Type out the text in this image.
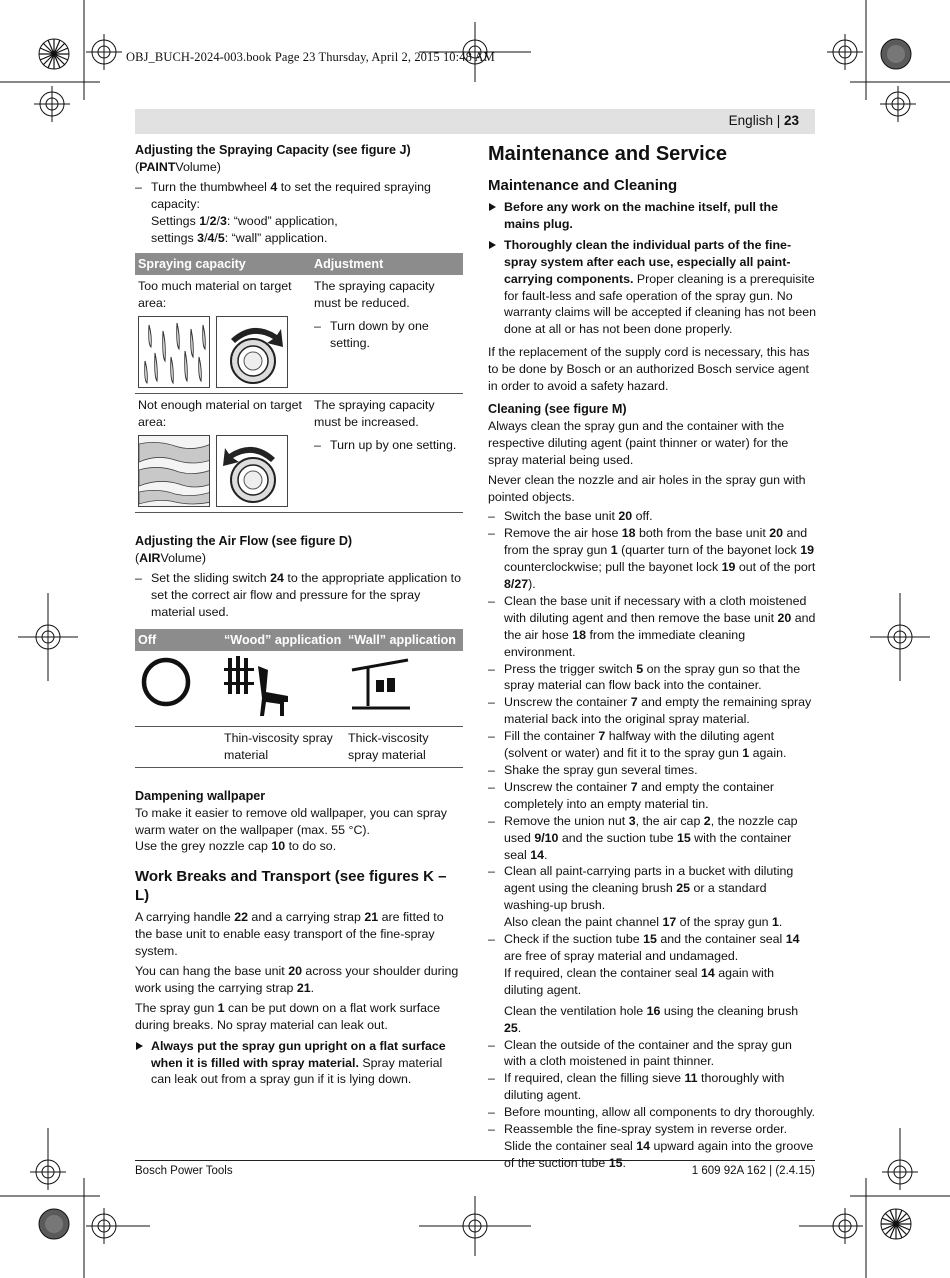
OBJ_BUCH-2024-003.book Page 23 Thursday, April 2, 2015 10:48 AM
English | 23

Adjusting the Spraying Capacity (see figure J)

(PAINTVolume)

– Turn the thumbwheel 4 to set the required spraying capacity:
Settings 1/2/3: “wood” application,
settings 3/4/5: “wall” application.

Spraying capacity	Adjustment

Too much material on target area:	The spraying capacity must be reduced.
– Turn down by one setting.

Not enough material on target area:	The spraying capacity must be increased.
– Turn up by one setting.

Adjusting the Air Flow (see figure D)

(AIRVolume)

– Set the sliding switch 24 to the appropriate application to set the correct air flow and pressure for the spray material used.

Off	“Wood” application	“Wall” application

	Thin-viscosity spray material	Thick-viscosity spray material

Dampening wallpaper

To make it easier to remove old wallpaper, you can spray warm water on the wallpaper (max. 55 °C).

Use the grey nozzle cap 10 to do so.

Work Breaks and Transport (see figures K – L)

A carrying handle 22 and a carrying strap 21 are fitted to the base unit to enable easy transport of the fine-spray system.

You can hang the base unit 20 across your shoulder during work using the carrying strap 21.

The spray gun 1 can be put down on a flat work surface during breaks. No spray material can leak out.

Always put the spray gun upright on a flat surface when it is filled with spray material. Spray material can leak out from a spray gun if it is lying down.

Maintenance and Service

Maintenance and Cleaning

Before any work on the machine itself, pull the mains plug.

Thoroughly clean the individual parts of the fine-spray system after each use, especially all paint-carrying components. Proper cleaning is a prerequisite for fault-less and safe operation of the spray gun. No warranty claims will be accepted if cleaning has not been done at all or has not been done properly.

If the replacement of the supply cord is necessary, this has to be done by Bosch or an authorized Bosch service agent in order to avoid a safety hazard.

Cleaning (see figure M)

Always clean the spray gun and the container with the respective diluting agent (paint thinner or water) for the spray material being used.

Never clean the nozzle and air holes in the spray gun with pointed objects.

– Switch the base unit 20 off.

– Remove the air hose 18 both from the base unit 20 and from the spray gun 1 (quarter turn of the bayonet lock 19 counterclockwise; pull the bayonet lock 19 out of the port 8/27).

– Clean the base unit if necessary with a cloth moistened with diluting agent and then remove the base unit 20 and the air hose 18 from the immediate cleaning environment.

– Press the trigger switch 5 on the spray gun so that the spray material can flow back into the container.

– Unscrew the container 7 and empty the remaining spray material back into the original spray material.

– Fill the container 7 halfway with the diluting agent (solvent or water) and fit it to the spray gun 1 again.

– Shake the spray gun several times.

– Unscrew the container 7 and empty the container completely into an empty material tin.

– Remove the union nut 3, the air cap 2, the nozzle cap used 9/10 and the suction tube 15 with the container seal 14.

– Clean all paint-carrying parts in a bucket with diluting agent using the cleaning brush 25 or a standard washing-up brush.
Also clean the paint channel 17 of the spray gun 1.

– Check if the suction tube 15 and the container seal 14 are free of spray material and undamaged.
If required, clean the container seal 14 again with diluting agent.
Clean the ventilation hole 16 using the cleaning brush 25.

– Clean the outside of the container and the spray gun with a cloth moistened in paint thinner.

– If required, clean the filling sieve 11 thoroughly with diluting agent.

– Before mounting, allow all components to dry thoroughly.

– Reassemble the fine-spray system in reverse order.
Slide the container seal 14 upward again into the groove of the suction tube 15.

Bosch Power Tools	1 609 92A 162 | (2.4.15)
